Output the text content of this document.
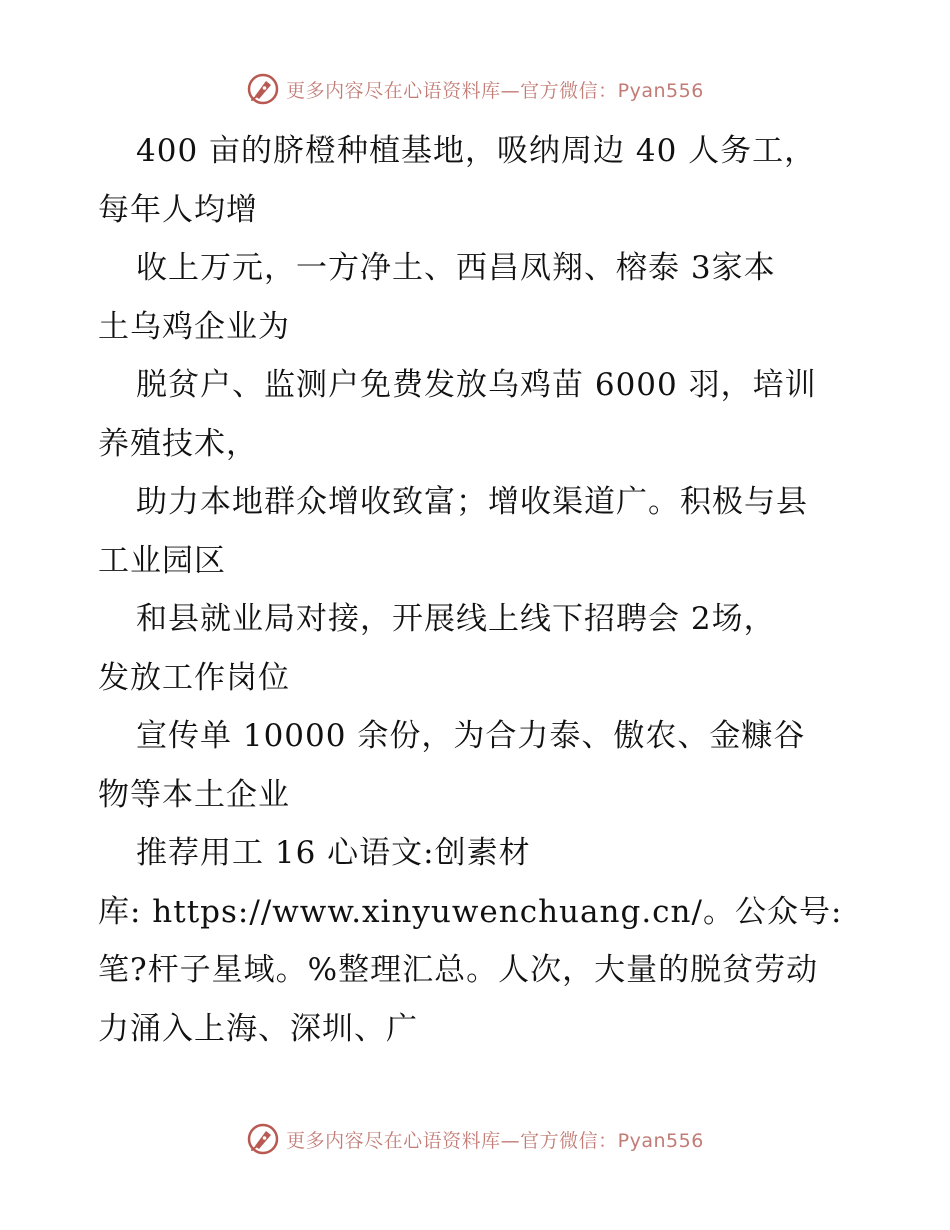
更多内容尽在心语资料库—官方微信：Pyan556
400 亩的脐橙种植基地，吸纳周边 40 人务工，
每年人均增
收上万元，一方净土、西昌凤翔、榕泰 3家本
土乌鸡企业为
脱贫户、监测户免费发放乌鸡苗 6000 羽，培训
养殖技术，
助力本地群众增收致富；增收渠道广。积极与县
工业园区
和县就业局对接，开展线上线下招聘会 2场，
发放工作岗位
宣传单 10000 余份，为合力泰、傲农、金糠谷
物等本土企业
推荐用工 16 心语文:创素材
库: https://www.xinyuwenchuang.cn/。公众号:
笔?杆子星域。%整理汇总。人次，大量的脱贫劳动
力涌入上海、深圳、广
更多内容尽在心语资料库—官方微信：Pyan556
